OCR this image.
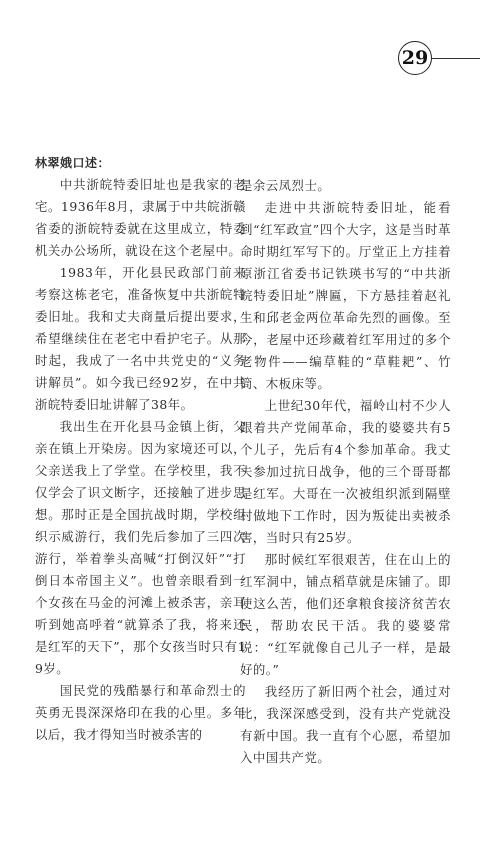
29

林翠娥口述：

中共浙皖特委旧址也是我家的老宅。1936年8月，隶属于中共皖浙赣省委的浙皖特委就在这里成立，特委机关办公场所，就设在这个老屋中。

1983年，开化县民政部门前来考察这栋老宅，准备恢复中共浙皖特委旧址。我和丈夫商量后提出要求，希望继续住在老宅中看护宅子。从那时起，我成了一名中共党史的“义务讲解员”。如今我已经92岁，在中共浙皖特委旧址讲解了38年。

我出生在开化县马金镇上街，父亲在镇上开染房。因为家境还可以，父亲送我上了学堂。在学校里，我不仅学会了识文断字，还接触了进步思想。那时正是全国抗战时期，学校组织示威游行，我们先后参加了三四次游行，举着拳头高喊“打倒汉奸”“打倒日本帝国主义”。也曾亲眼看到一个女孩在马金的河滩上被杀害，亲耳听到她高呼着“就算杀了我，将来还是红军的天下”，那个女孩当时只有19岁。

国民党的残酷暴行和革命烈士的英勇无畏深深烙印在我的心里。多年以后，我才得知当时被杀害的

是余云凤烈士。

走进中共浙皖特委旧址，能看到“红军政宣”四个大字，这是当时革命时期红军写下的。厅堂正上方挂着原浙江省委书记铁瑛书写的“中共浙皖特委旧址”牌匾，下方悬挂着赵礼生和邱老金两位革命先烈的画像。至今，老屋中还珍藏着红军用过的多个老物件——编草鞋的“草鞋耙”、竹筒、木板床等。

上世纪30年代，福岭山村不少人跟着共产党闹革命，我的婆婆共有5个儿子，先后有4个参加革命。我丈夫参加过抗日战争，他的三个哥哥都是红军。大哥在一次被组织派到隔壁村做地下工作时，因为叛徒出卖被杀害，当时只有25岁。

那时候红军很艰苦，住在山上的红军洞中，铺点稻草就是床铺了。即使这么苦，他们还拿粮食接济贫苦农民，帮助农民干活。我的婆婆常说：“红军就像自己儿子一样，是最好的。”

我经历了新旧两个社会，通过对比，我深深感受到，没有共产党就没有新中国。我一直有个心愿，希望加入中国共产党。
